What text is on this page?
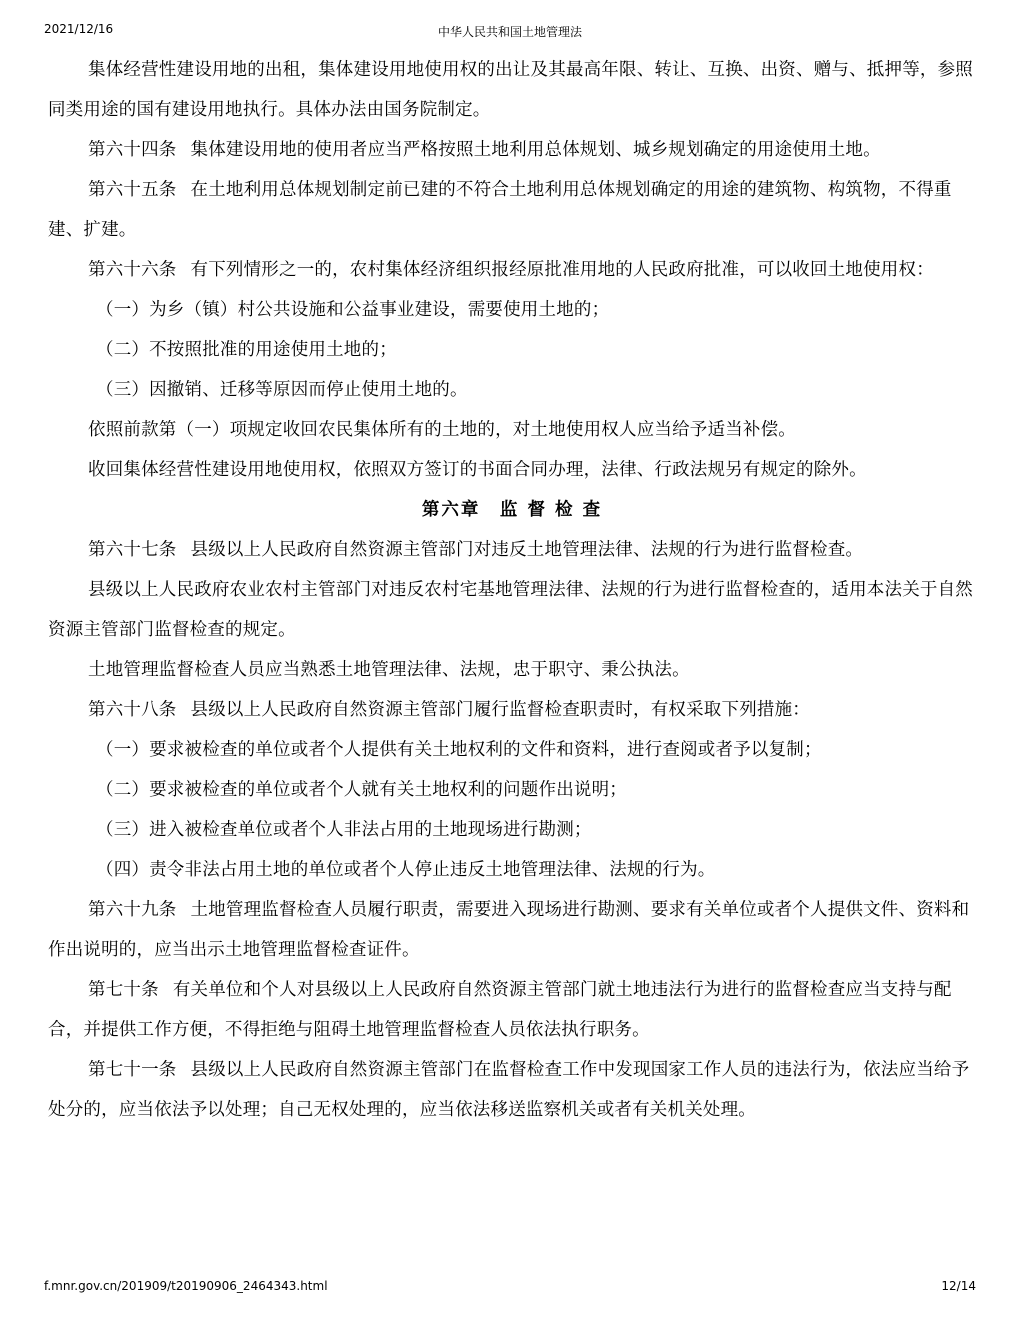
2021/12/16	中华人民共和国土地管理法

集体经营性建设用地的出租，集体建设用地使用权的出让及其最高年限、转让、互换、出资、赠与、抵押等，参照同类用途的国有建设用地执行。具体办法由国务院制定。

第六十四条 集体建设用地的使用者应当严格按照土地利用总体规划、城乡规划确定的用途使用土地。

第六十五条 在土地利用总体规划制定前已建的不符合土地利用总体规划确定的用途的建筑物、构筑物，不得重建、扩建。

第六十六条 有下列情形之一的，农村集体经济组织报经原批准用地的人民政府批准，可以收回土地使用权：

（一）为乡（镇）村公共设施和公益事业建设，需要使用土地的；

（二）不按照批准的用途使用土地的；

（三）因撤销、迁移等原因而停止使用土地的。

依照前款第（一）项规定收回农民集体所有的土地的，对土地使用权人应当给予适当补偿。

收回集体经营性建设用地使用权，依照双方签订的书面合同办理，法律、行政法规另有规定的除外。

第六章　监 督 检 查

第六十七条 县级以上人民政府自然资源主管部门对违反土地管理法律、法规的行为进行监督检查。

县级以上人民政府农业农村主管部门对违反农村宅基地管理法律、法规的行为进行监督检查的，适用本法关于自然资源主管部门监督检查的规定。

土地管理监督检查人员应当熟悉土地管理法律、法规，忠于职守、秉公执法。

第六十八条 县级以上人民政府自然资源主管部门履行监督检查职责时，有权采取下列措施：

（一）要求被检查的单位或者个人提供有关土地权利的文件和资料，进行查阅或者予以复制；

（二）要求被检查的单位或者个人就有关土地权利的问题作出说明；

（三）进入被检查单位或者个人非法占用的土地现场进行勘测；

（四）责令非法占用土地的单位或者个人停止违反土地管理法律、法规的行为。

第六十九条 土地管理监督检查人员履行职责，需要进入现场进行勘测、要求有关单位或者个人提供文件、资料和作出说明的，应当出示土地管理监督检查证件。

第七十条 有关单位和个人对县级以上人民政府自然资源主管部门就土地违法行为进行的监督检查应当支持与配合，并提供工作方便，不得拒绝与阻碍土地管理监督检查人员依法执行职务。

第七十一条 县级以上人民政府自然资源主管部门在监督检查工作中发现国家工作人员的违法行为，依法应当给予处分的，应当依法予以处理；自己无权处理的，应当依法移送监察机关或者有关机关处理。

f.mnr.gov.cn/201909/t20190906_2464343.html	12/14
